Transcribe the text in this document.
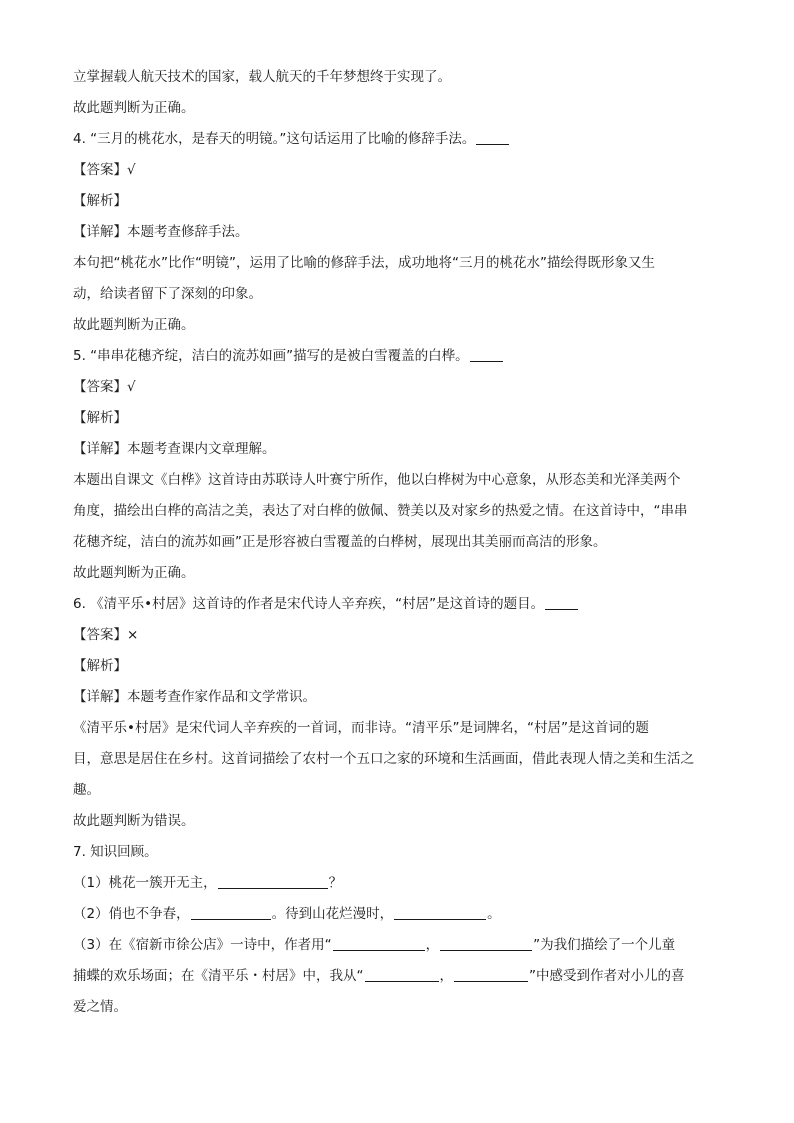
立掌握载人航天技术的国家，载人航天的千年梦想终于实现了。
故此题判断为正确。
4. “三月的桃花水，是春天的明镜。”这句话运用了比喻的修辞手法。
【答案】√
【解析】
【详解】本题考查修辞手法。
本句把“桃花水”比作“明镜”，运用了比喻的修辞手法，成功地将“三月的桃花水”描绘得既形象又生
动，给读者留下了深刻的印象。
故此题判断为正确。
5. “串串花穗齐绽，洁白的流苏如画”描写的是被白雪覆盖的白桦。
【答案】√
【解析】
【详解】本题考查课内文章理解。
本题出自课文《白桦》这首诗由苏联诗人叶赛宁所作，他以白桦树为中心意象，从形态美和光泽美两个
角度，描绘出白桦的高洁之美，表达了对白桦的倣佩、赞美以及对家乡的热爱之情。在这首诗中，“串串
花穗齐绽，洁白的流苏如画”正是形容被白雪覆盖的白桦树，展现出其美丽而高洁的形象。
故此题判断为正确。
6. 《清平乐•村居》这首诗的作者是宋代诗人辛弃疾，“村居”是这首诗的题目。
【答案】×
【解析】
【详解】本题考查作家作品和文学常识。
《清平乐•村居》是宋代词人辛弃疾的一首词，而非诗。“清平乐”是词牌名，“村居”是这首词的题
目，意思是居住在乡村。这首词描绘了农村一个五口之家的环境和生活画面，借此表现人情之美和生活之
趣。
故此题判断为错误。
7. 知识回顾。
（1）桃花一簇开无主，	？
（2）俏也不争春，	。待到山花烂漫时，	。
（3）在《宿新市徐公店》一诗中，作者用“	，	”为我们描绘了一个儿童
捕蝶的欢乐场面；在《清平乐・村居》中，我从“	，	”中感受到作者对小儿的喜
爱之情。
